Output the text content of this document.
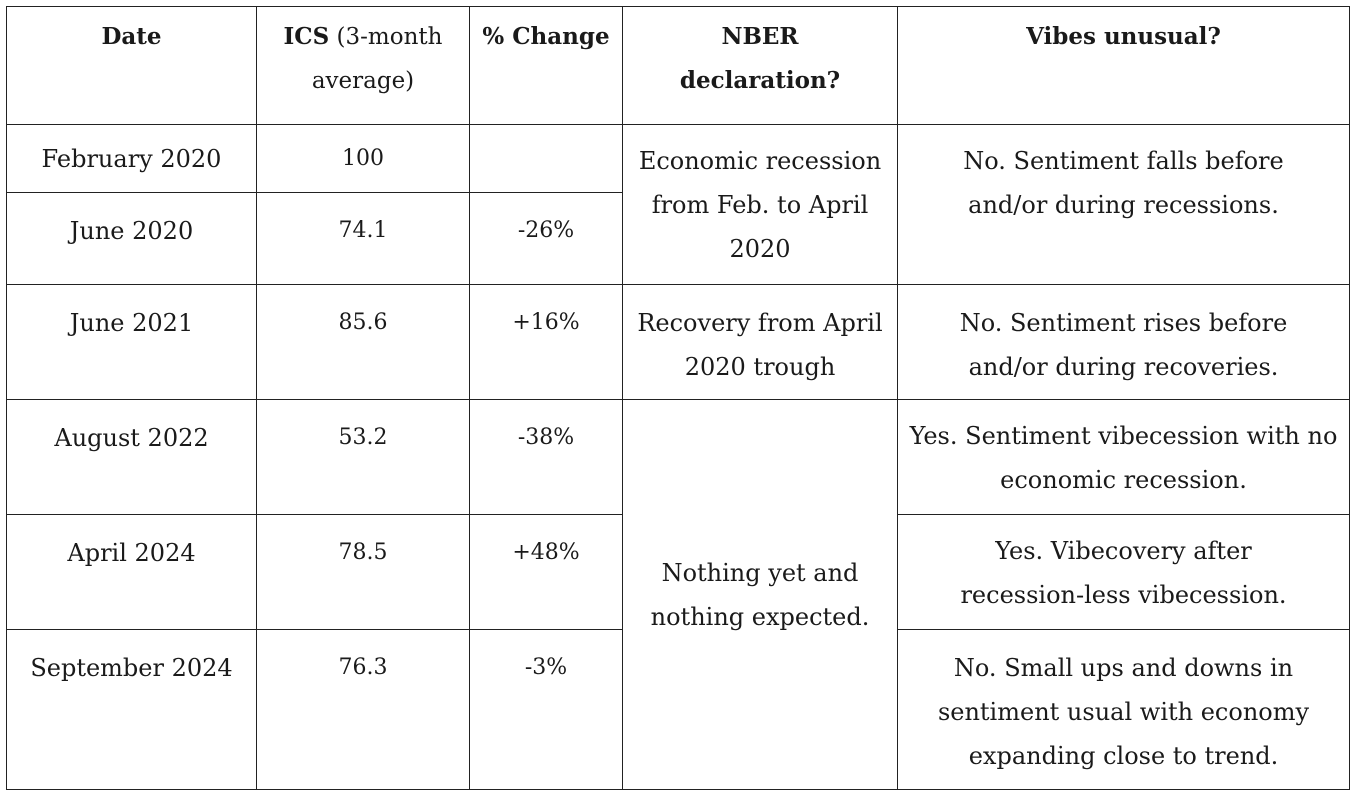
Date	ICS (3-month average)	% Change	NBER declaration?	Vibes unusual?
February 2020	100		Economic recession from Feb. to April 2020	No. Sentiment falls before and/or during recessions.
June 2020	74.1	-26%		
June 2021	85.6	+16%	Recovery from April 2020 trough	No. Sentiment rises before and/or during recoveries.
August 2022	53.2	-38%	Nothing yet and nothing expected.	Yes. Sentiment vibecession with no economic recession.
April 2024	78.5	+48%		Yes. Vibecovery after recession-less vibecession.
September 2024	76.3	-3%		No. Small ups and downs in sentiment usual with economy expanding close to trend.
